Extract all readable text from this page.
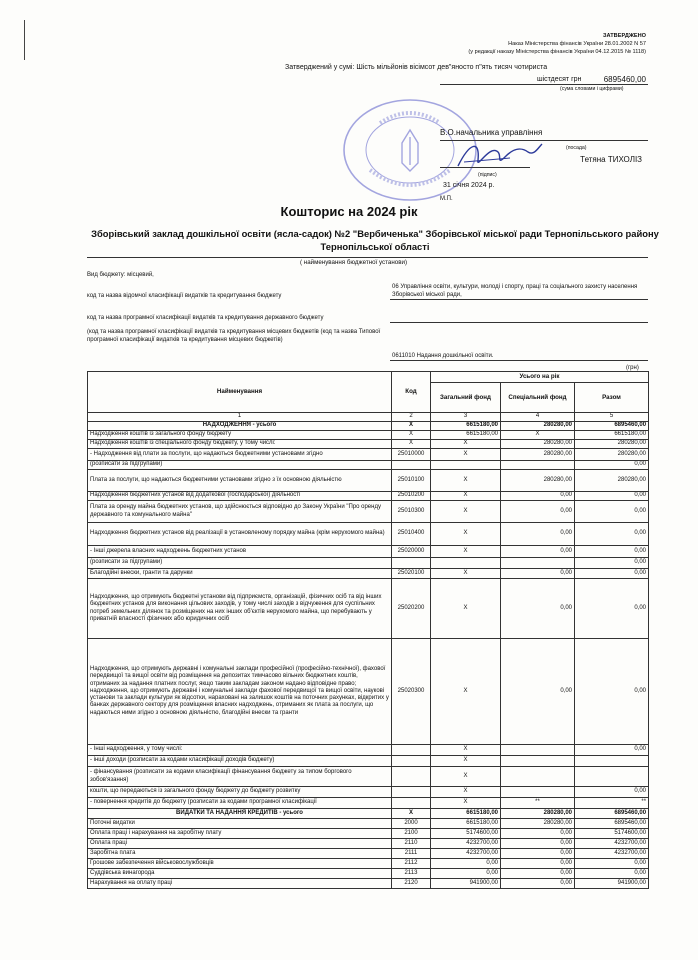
ЗАТВЕРДЖЕНО
Наказ Міністерства фінансів України 28.01.2002 N 57
(у редакції наказу Міністерства фінансів України 04.12.2015 № 1118)
Затверджений у сумі: Шість мільйонів вісімсот дев"яносто п"ять тисяч чотириста
шістдесят грн	6895460,00
(сума словами і цифрами)
В.О.начальника управління
(посада)
Тетяна ТИХОЛІЗ
(підпис)
31 січня 2024 р.
М.П.
Кошторис на 2024 рік
Зборівський заклад дошкільної освіти (ясла-садок) №2 "Вербиченька" Зборівської міської ради Тернопільського району Тернопільської області
( найменування бюджетної установи)
Вид бюджету: місцевий,
код та назва відомчої класифікації видатків та кредитування бюджету
06 Управління освіти, культури, молоді і спорту, праці та соціального захисту населення Зборівської міської ради,
код та назва програмної класифікації видатків та кредитування державного бюджету
(код та назва програмної класифікації видатків та кредитування місцевих бюджетів (код та назва Типової програмної класифікації видатків та кредитування місцевих бюджетів)
0611010 Надання дошкільної освіти.
(грн)
Найменування	Код	Усього на рік		
		Загальний фонд	Спеціальний фонд	Разом
1	2	3	4	5
НАДХОДЖЕННЯ - усього	X	6615180,00	280280,00	6895460,00
Надходження коштів із загального фонду бюджету	X	6615180,00	X	6615180,00
Надходження коштів із спеціального фонду бюджету, у тому числі:	X	X	280280,00	280280,00
- Надходження від плати за послуги, що надаються бюджетними установами згідно	25010000	X	280280,00	280280,00
(розписати за підгрупами)				0,00
Плата за послуги, що надаються бюджетними установами згідно з їх основною діяльністю	25010100	X	280280,00	280280,00
Надходження бюджетних установ від додаткової (господарської) діяльності	25010200	X	0,00	0,00
Плата за оренду майна бюджетних установ, що здійснюється відповідно до Закону України "Про оренду державного та комунального майна"	25010300	X	0,00	0,00
Надходження бюджетних установ від реалізації в установленому порядку майна (крім нерухомого майна)	25010400	X	0,00	0,00
- Інші джерела власних надходжень бюджетних установ	25020000	X	0,00	0,00
(розписати за підгрупами)				0,00
Благодійні внески, гранти та дарунки	25020100	X	0,00	0,00
Надходження, що отримують бюджетні установи від підприємств, організацій, фізичних осіб та від інших бюджетних установ для виконання цільових заходів, у тому числі заходів з відчуження для суспільних потреб земельних ділянок та розміщених на них інших об'єктів нерухомого майна, що перебувають у приватній власності фізичних або юридичних осіб	25020200	X	0,00	0,00
Надходження, що отримують державні і комунальні заклади професійної (професійно-технічної), фахової передвищої та вищої освіти від розміщення на депозитах тимчасово вільних бюджетних коштів, отриманих за надання платних послуг, якщо таким закладам законом надано відповідне право; надходження, що отримують державні і комунальні заклади фахової передвищої та вищої освіти, наукові установи та заклади культури як відсотки, нараховані на залишок коштів на поточних рахунках, відкритих у банках державного сектору для розміщення власних надходжень, отриманих як плата за послуги, що надаються ними згідно з основною діяльністю, благодійні внески та гранти	25020300	X	0,00	0,00
- Інші надходження, у тому числі:		X		0,00
- інші доходи (розписати за кодами класифікації доходів бюджету)		X		
- фінансування (розписати за кодами класифікації фінансування бюджету за типом боргового зобов'язання)		X		
кошти, що передаються із загального фонду бюджету до бюджету розвитку		X		0,00
- повернення кредитів до бюджету (розписати за кодами програмної класифікації		X	**	**
ВИДАТКИ ТА НАДАННЯ КРЕДИТІВ - усього	X	6615180,00	280280,00	6895460,00
Поточні видатки	2000	6615180,00	280280,00	6895460,00
Оплата праці і нарахування на заробітну плату	2100	5174600,00	0,00	5174600,00
Оплата праці	2110	4232700,00	0,00	4232700,00
Заробітна плата	2111	4232700,00	0,00	4232700,00
Грошове забезпечення військовослужбовців	2112	0,00	0,00	0,00
Суддівська винагорода	2113	0,00	0,00	0,00
Нарахування на оплату праці	2120	941900,00	0,00	941900,00
